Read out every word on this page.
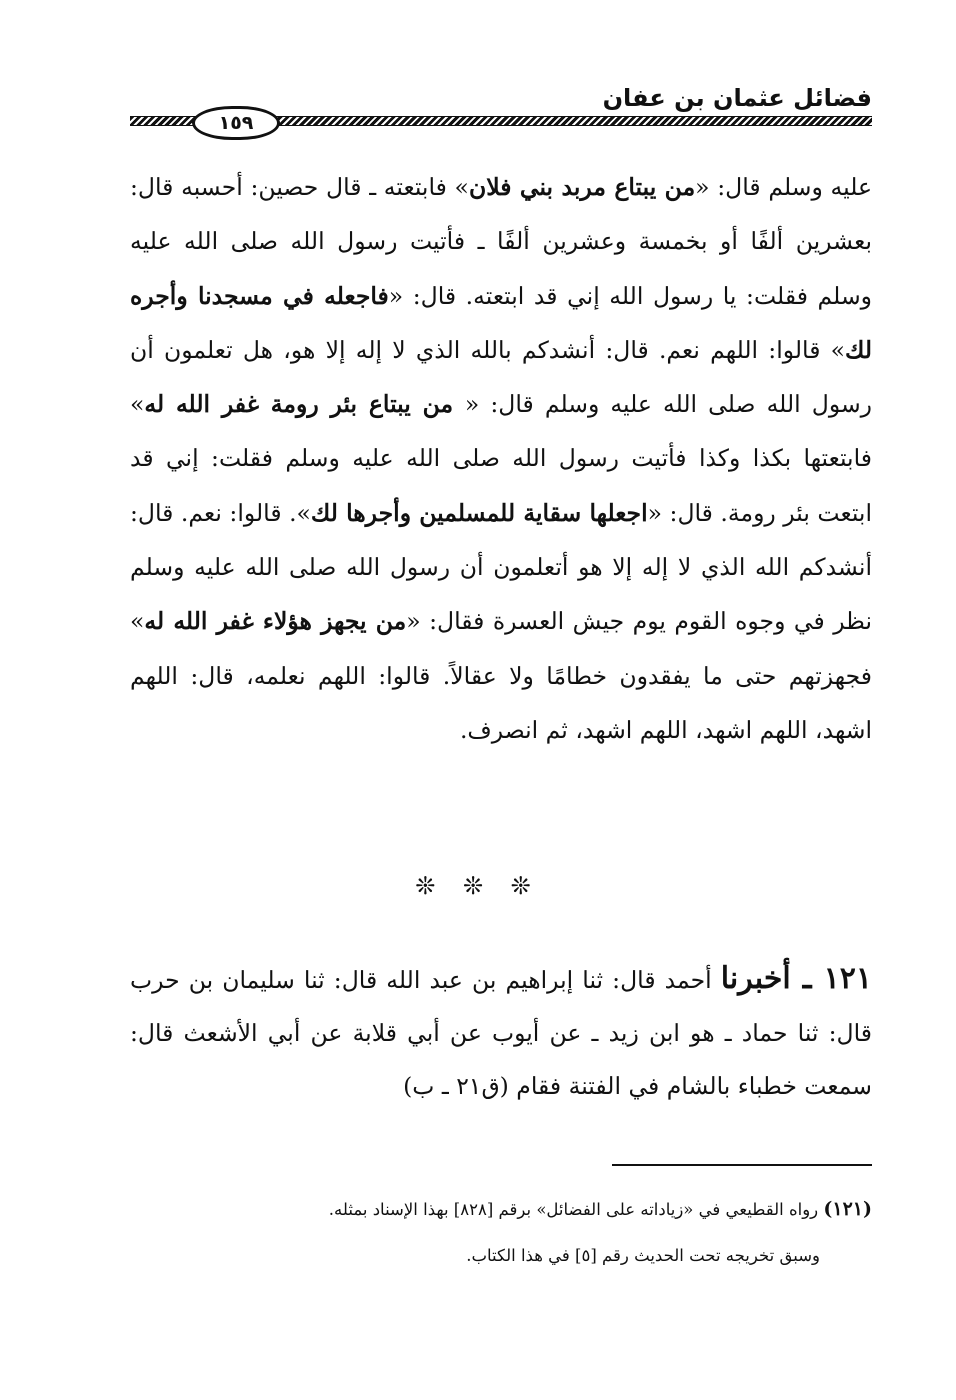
فضائل عثمان بن عفان
١٥٩

عليه وسلم قال: «من يبتاع مربد بني فلان» فابتعته ـ قال حصين: أحسبه قال: بعشرين ألفًا أو بخمسة وعشرين ألفًا ـ فأتيت رسول الله صلى الله عليه وسلم فقلت: يا رسول الله إني قد ابتعته. قال: «فاجعله في مسجدنا وأجره لك» قالوا: اللهم نعم. قال: أنشدكم بالله الذي لا إله إلا هو، هل تعلمون أن رسول الله صلى الله عليه وسلم قال: « من يبتاع بئر رومة غفر الله له» فابتعتها بكذا وكذا فأتيت رسول الله صلى الله عليه وسلم فقلت: إني قد ابتعت بئر رومة. قال: «اجعلها سقاية للمسلمين وأجرها لك». قالوا: نعم. قال: أنشدكم الله الذي لا إله إلا هو أتعلمون أن رسول الله صلى الله عليه وسلم نظر في وجوه القوم يوم جيش العسرة فقال: «من يجهز هؤلاء غفر الله له» فجهزتهم حتى ما يفقدون خطامًا ولا عقالاً. قالوا: اللهم نعلمه، قال: اللهم اشهد، اللهم اشهد، اللهم اشهد، ثم انصرف.

❊ ❊ ❊

١٢١ ـ أخبرنا أحمد قال: ثنا إبراهيم بن عبد الله قال: ثنا سليمان بن حرب قال: ثنا حماد ـ هو ابن زيد ـ عن أيوب عن أبي قلابة عن أبي الأشعث قال: سمعت خطباء بالشام في الفتنة فقام (ق٢١ ـ ب)

(١٢١) رواه القطيعي في «زياداته على الفضائل» برقم [٨٢٨] بهذا الإسناد بمثله.

وسبق تخريجه تحت الحديث رقم [٥] في هذا الكتاب.
